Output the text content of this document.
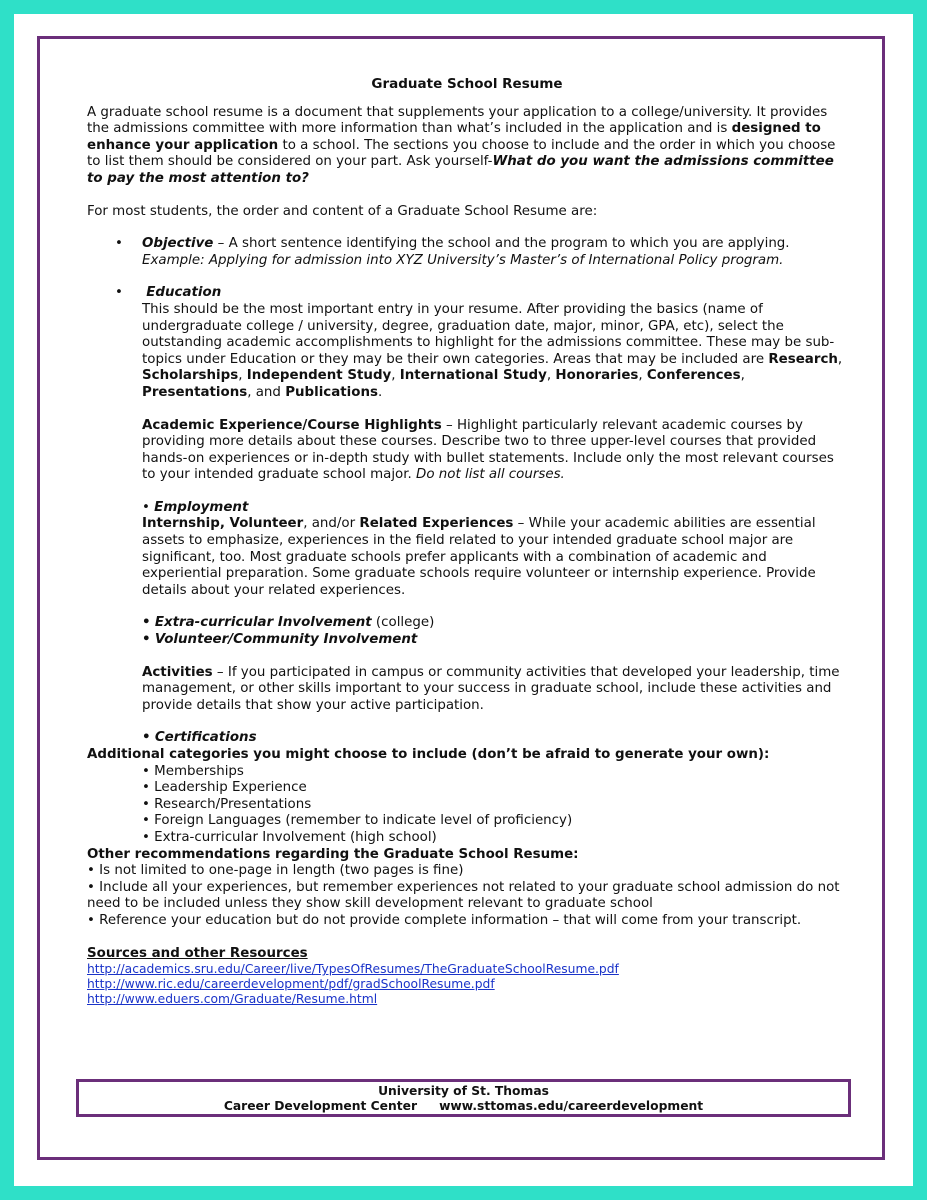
Graduate School Resume

A graduate school resume is a document that supplements your application to a college/university. It provides the admissions committee with more information than what’s included in the application and is designed to enhance your application to a school. The sections you choose to include and the order in which you choose to list them should be considered on your part. Ask yourself-What do you want the admissions committee to pay the most attention to?

For most students, the order and content of a Graduate School Resume are:

• Objective – A short sentence identifying the school and the program to which you are applying.
Example: Applying for admission into XYZ University’s Master’s of International Policy program.

•	Education
This should be the most important entry in your resume. After providing the basics (name of undergraduate college / university, degree, graduation date, major, minor, GPA, etc), select the outstanding academic accomplishments to highlight for the admissions committee. These may be sub-topics under Education or they may be their own categories. Areas that may be included are Research, Scholarships, Independent Study, International Study, Honoraries, Conferences, Presentations, and Publications.

Academic Experience/Course Highlights – Highlight particularly relevant academic courses by providing more details about these courses. Describe two to three upper-level courses that provided hands-on experiences or in-depth study with bullet statements. Include only the most relevant courses to your intended graduate school major. Do not list all courses.

• Employment
Internship, Volunteer, and/or Related Experiences – While your academic abilities are essential assets to emphasize, experiences in the field related to your intended graduate school major are significant, too. Most graduate schools prefer applicants with a combination of academic and experiential preparation. Some graduate schools require volunteer or internship experience. Provide details about your related experiences.

• Extra-curricular Involvement (college)
• Volunteer/Community Involvement

Activities – If you participated in campus or community activities that developed your leadership, time management, or other skills important to your success in graduate school, include these activities and provide details that show your active participation.

• Certifications

Additional categories you might choose to include (don’t be afraid to generate your own):

• Memberships

• Leadership Experience

• Research/Presentations

• Foreign Languages (remember to indicate level of proficiency)

• Extra-curricular Involvement (high school)

Other recommendations regarding the Graduate School Resume:

• Is not limited to one-page in length (two pages is fine)

• Include all your experiences, but remember experiences not related to your graduate school admission do not need to be included unless they show skill development relevant to graduate school

• Reference your education but do not provide complete information – that will come from your transcript.

Sources and other Resources

http://academics.sru.edu/Career/live/TypesOfResumes/TheGraduateSchoolResume.pdf

http://www.ric.edu/careerdevelopment/pdf/gradSchoolResume.pdf

http://www.eduers.com/Graduate/Resume.html

University of St. Thomas
Career Development Center www.sttomas.edu/careerdevelopment
